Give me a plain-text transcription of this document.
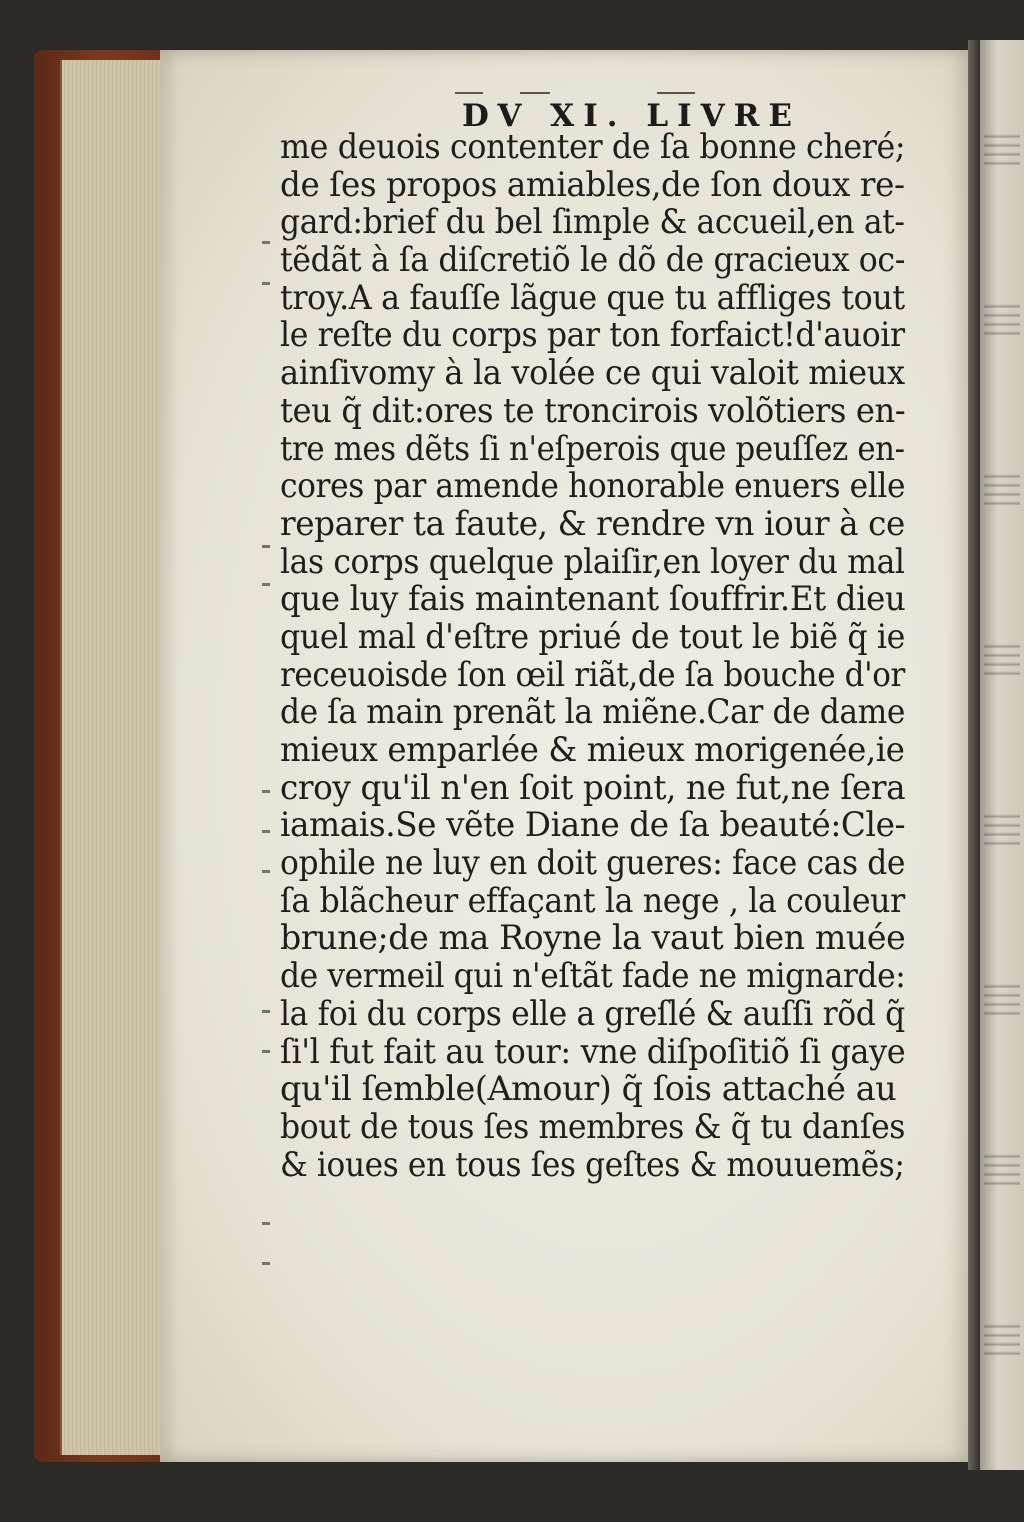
DV XI. LIVRE
me deuois contenter de ſa bonne cheré;
de ſes propos amiables,de ſon doux re-
gard:brief du bel ſimple & accueil,en at-
tẽdãt à ſa diſcretiõ le dõ de gracieux oc-
troy.A a fauſſe lãgue que tu affliges tout
le reſte du corps par ton forfaict!d'auoir
ainſivomy à la volée ce qui valoit mieux
teu q̃ dit:ores te troncirois volõtiers en-
tre mes dẽts ſi n'eſperois que peuſſez en-
cores par amende honorable enuers elle
reparer ta faute, & rendre vn iour à ce
las corps quelque plaiſir,en loyer du mal
que luy fais maintenant ſouffrir.Et dieu
quel mal d'eſtre priué de tout le biẽ q̃ ie
receuoisde ſon œil riãt,de ſa bouche d'or
de ſa main prenãt la miẽne.Car de dame
mieux emparlée & mieux morigenée,ie
croy qu'il n'en ſoit point, ne fut,ne ſera
iamais.Se vẽte Diane de ſa beauté:Cle-
ophile ne luy en doit gueres: face cas de
ſa blãcheur effaçant la nege , la couleur
brune;de ma Royne la vaut bien muée
de vermeil qui n'eſtãt fade ne mignarde:
la foi du corps elle a greſlé & auſſi rõd q̃
ſi'l fut fait au tour: vne diſpoſitiõ ſi gaye
qu'il ſemble(Amour) q̃ ſois attaché au
bout de tous ſes membres & q̃ tu danſes
& ioues en tous ſes geſtes & mouuemẽs;
